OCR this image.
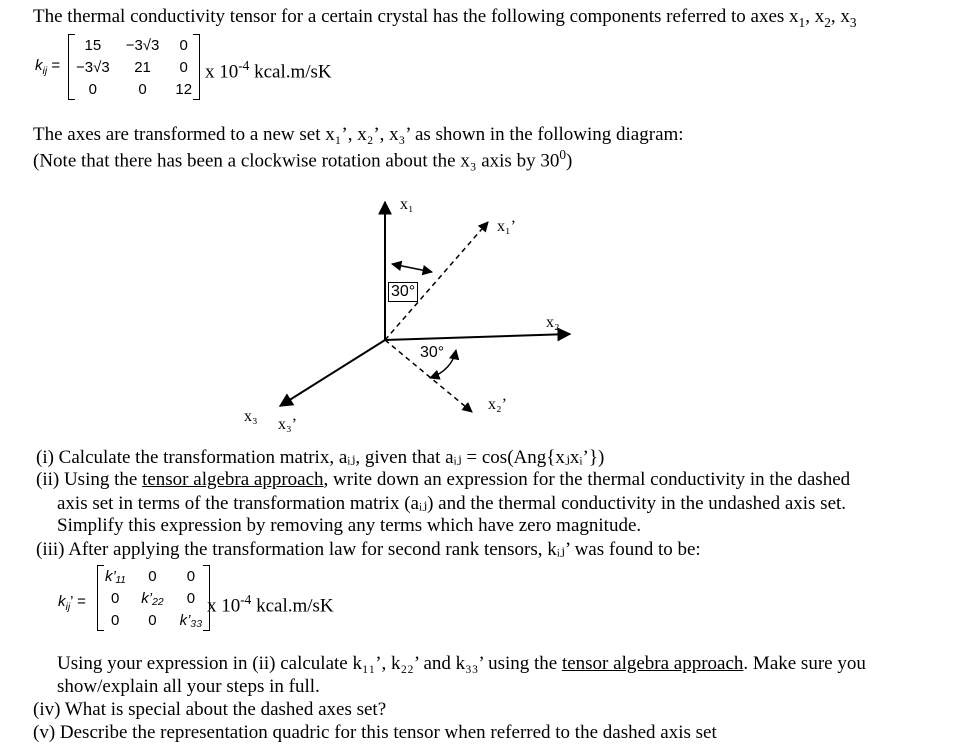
The thermal conductivity tensor for a certain crystal has the following components referred to axes $x_1$, $x_2$, $x_3$
$k_{ij}$ =
15	−3√3	0
−3√3	21	0
0	0	12
x $10^{-4}$ kcal.m/sK
The axes are transformed to a new set x₁’, x₂’, x₃’ as shown in the following diagram:
(Note that there has been a clockwise rotation about the x₃ axis by $30^0$)
30°
30°
x₁
x₁’
x₂
x₂’
x₃ x₃’
(i) Calculate the transformation matrix, aᵢⱼ, given that aᵢⱼ = cos(Ang{xⱼxᵢ’})
(ii) Using the tensor algebra approach, write down an expression for the thermal conductivity in the dashed
axis set in terms of the transformation matrix (aᵢⱼ) and the thermal conductivity in the undashed axis set.
Simplify this expression by removing any terms which have zero magnitude.
(iii) After applying the transformation law for second rank tensors, kᵢⱼ’ was found to be:
$k_{ij}$’ =
k’₁₁	0	0
0	k’₂₂	0
0	0	k’₃₃
x $10^{-4}$ kcal.m/sK
Using your expression in (ii) calculate k₁₁’, k₂₂’ and k₃₃’ using the tensor algebra approach. Make sure you
show/explain all your steps in full.
(iv) What is special about the dashed axes set?
(v) Describe the representation quadric for this tensor when referred to the dashed axis set
